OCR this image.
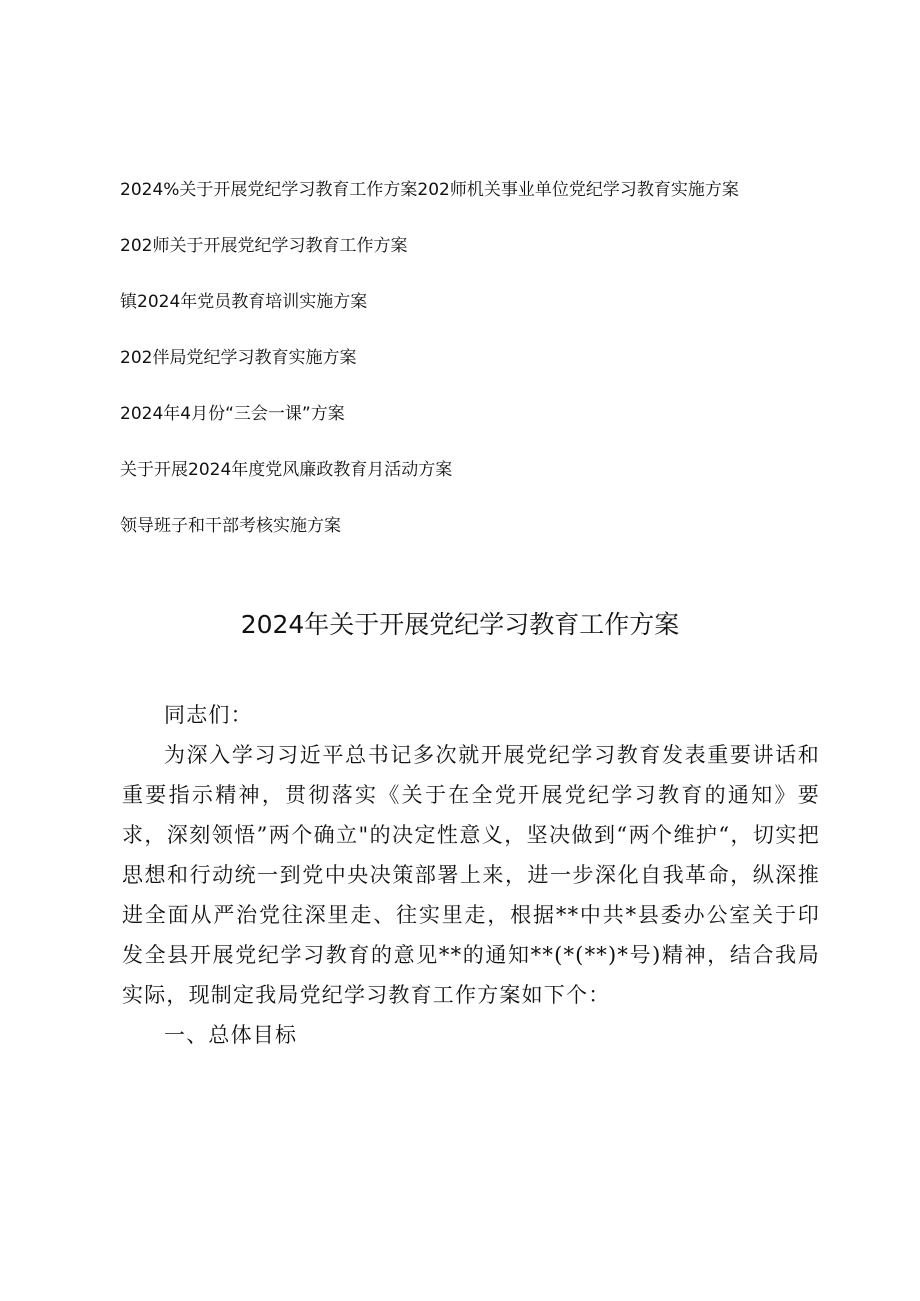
2024%关于开展党纪学习教育工作方案202师机关事业单位党纪学习教育实施方案
202师关于开展党纪学习教育工作方案
镇2024年党员教育培训实施方案
202伴局党纪学习教育实施方案
2024年4月份“三会一课”方案
关于开展2024年度党风廉政教育月活动方案
领导班子和干部考核实施方案
2024年关于开展党纪学习教育工作方案

同志们：

为深入学习习近平总书记多次就开展党纪学习教育发表重要讲话和重要指示精神，贯彻落实《关于在全党开展党纪学习教育的通知》要求，深刻领悟”两个确立"的决定性意义，坚决做到“两个维护“，切实把思想和行动统一到党中央决策部署上来，进一步深化自我革命，纵深推进全面从严治党往深里走、往实里走，根据**中共*县委办公室关于印发全县开展党纪学习教育的意见**的通知**(*(**)*号)精神，结合我局实际，现制定我局党纪学习教育工作方案如下个：

一、总体目标
